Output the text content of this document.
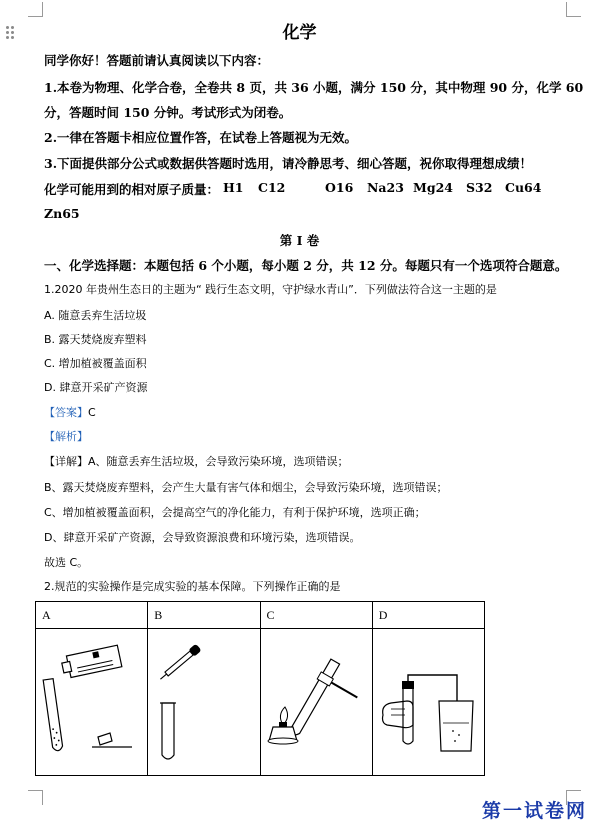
化学
同学你好！答题前请认真阅读以下内容：
1.本卷为物理、化学合卷，全卷共 8 页，共 36 小题，满分 150 分，其中物理 90 分，化学 60
分，答题时间 150 分钟。考试形式为闭卷。
2.一律在答题卡相应位置作答，在试卷上答题视为无效。
3.下面提供部分公式或数据供答题时选用，请冷静思考、细心答题，祝你取得理想成绩！
化学可能用到的相对原子质量： H1 C12	O16 Na23 Mg24 S32 Cu64
Zn65
第 I 卷
一、化学选择题：本题包括 6 个小题，每小题 2 分，共 12 分。每题只有一个选项符合题意。
1.2020 年贵州生态日的主题为“ 践行生态文明，守护绿水青山”．下列做法符合这一主题的是
A. 随意丢弃生活垃圾
B. 露天焚烧废弃塑料
C. 增加植被覆盖面积
D. 肆意开采矿产资源
【答案】C
【解析】
【详解】A、随意丢弃生活垃圾，会导致污染环境，选项错误；
B、露天焚烧废弃塑料，会产生大量有害气体和烟尘，会导致污染环境，选项错误；
C、增加植被覆盖面积，会提高空气的净化能力，有利于保护环境，选项正确；
D、肆意开采矿产资源，会导致资源浪费和环境污染，选项错误。
故选 C。
2.规范的实验操作是完成实验的基本保障。下列操作正确的是
A	B	C	D

第一试卷网
